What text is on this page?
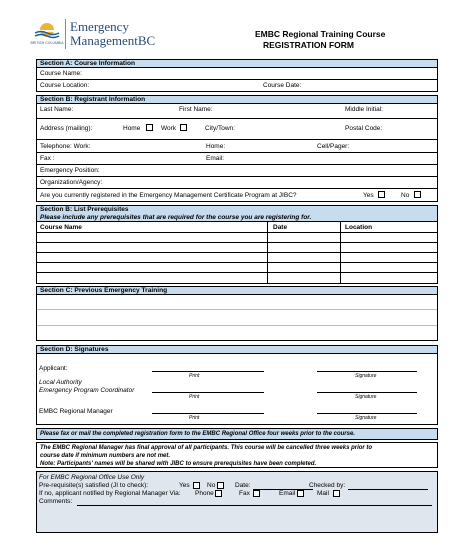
BRITISH COLUMBIA
Emergency
ManagementBC	EMBC Regional Training Course
REGISTRATION FORM
Section A: Course Information
Course Name:
Course Location:	Course Date:
Section B: Registrant Information
Last Name:	First Name:	Middle Initial:
Address (mailing):	Home	Work	City/Town:	Postal Code:
Telephone: Work:	Home:	Cell/Pager:
Fax :	Email:
Emergency Position:
Organization/Agency:
Are you currently registered in the Emergency Management Certificate Program at JIBC?	Yes	No
Section B: List Prerequisites
Please include any prerequisites that are required for the course you are registering for.
Course Name	Date	Location
Section C: Previous Emergency Training
Section D: Signatures
Applicant:
Print	Signature
Local Authority
Emergency Program Coordinator
Print	Signature
EMBC Regional Manager
Print	Signature
Please fax or mail the completed registration form to the EMBC Regional Office four weeks prior to the course.
The EMBC Regional Manager has final approval of all participants. This course will be cancelled three weeks prior to
course date if minimum numbers are not met.
Note: Participants' names will be shared with JIBC to ensure prerequisites have been completed.
For EMBC Regional Office Use Only
Pre-requisite(s) satisfied (JI to check):	Yes	No	Date:	Checked by:
If no, applicant notified by Regional Manager Via: Phone	Fax	Email	Mail
Comments:
